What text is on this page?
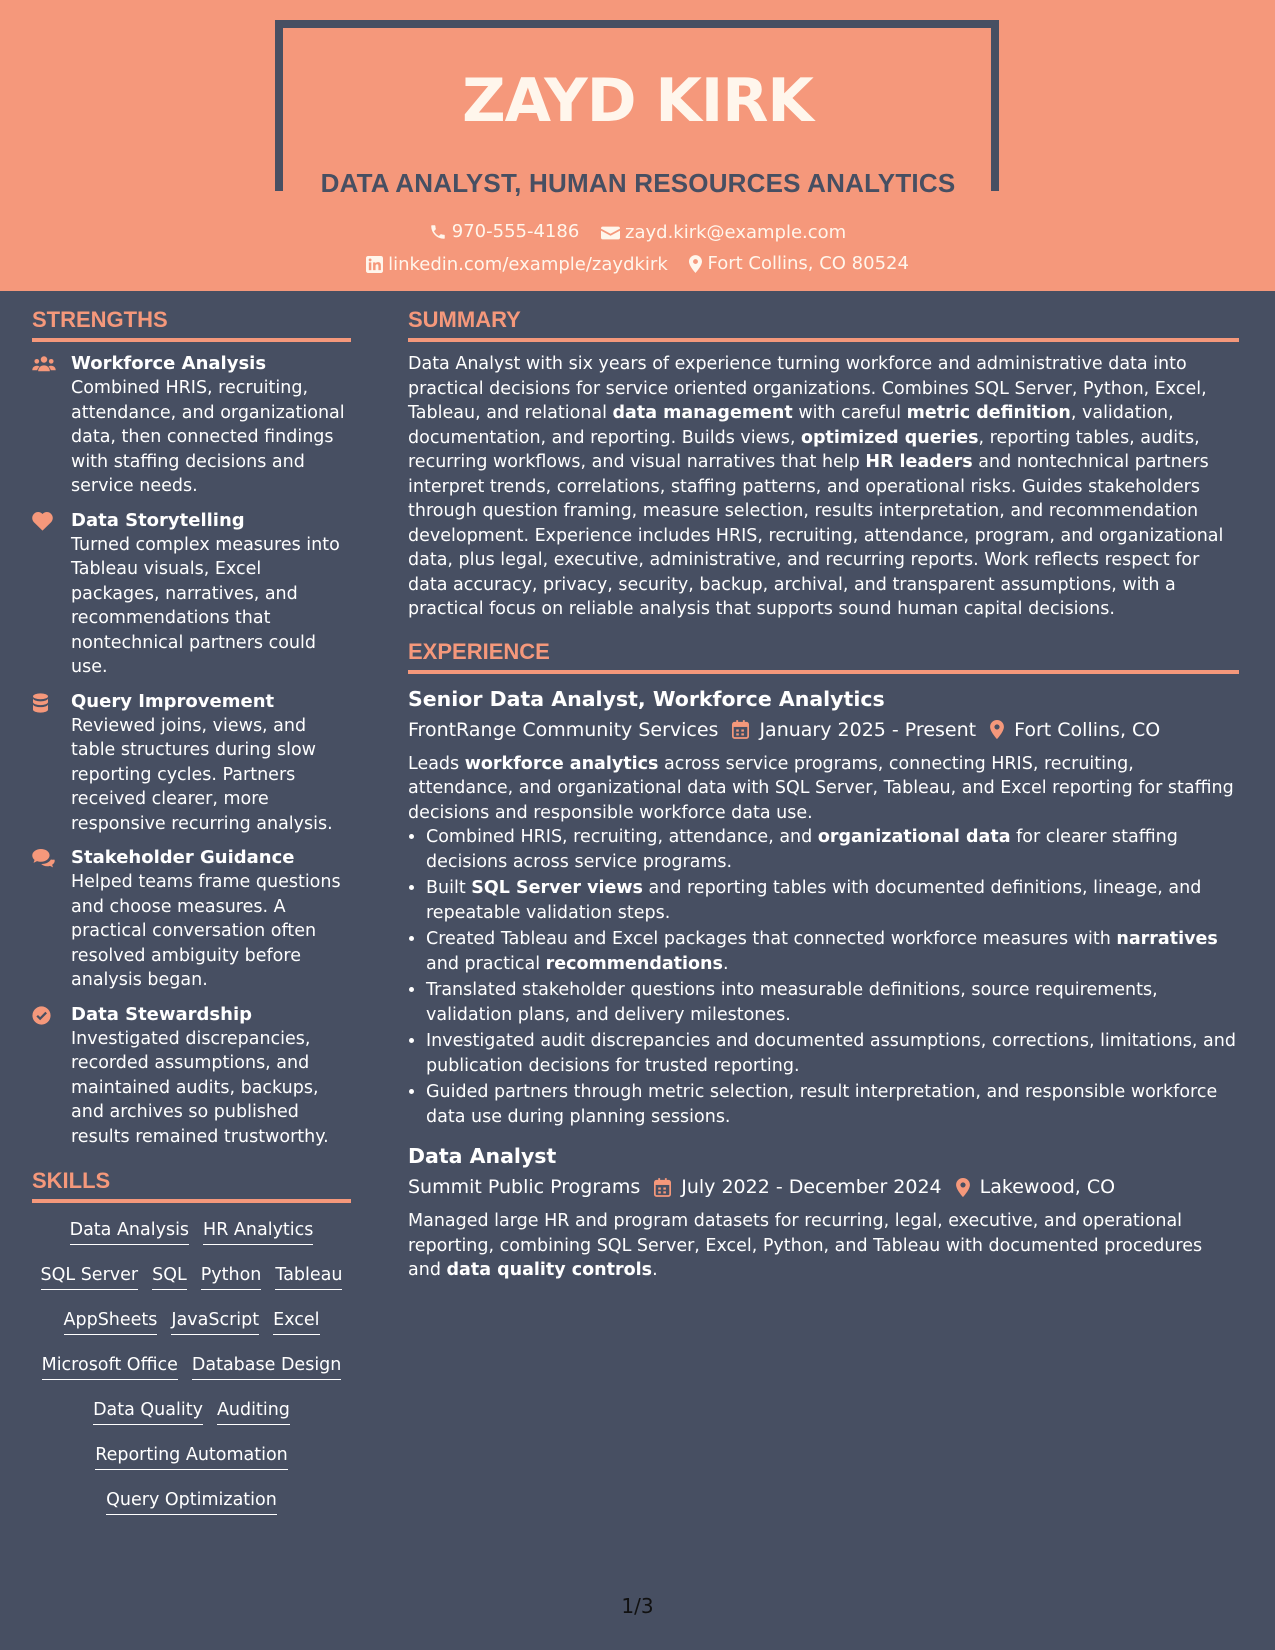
ZAYD KIRK
DATA ANALYST, HUMAN RESOURCES ANALYTICS
970-555-4186
	zayd.kirk@example.com
linkedin.com/example/zaydkirk
Fort Collins, CO 80524
STRENGTHS
Workforce Analysis
Combined HRIS, recruiting, attendance, and organizational data, then connected findings with staffing decisions and service needs.
Data Storytelling
Turned complex measures into Tableau visuals, Excel packages, narratives, and recommendations that nontechnical partners could use.
Query Improvement
Reviewed joins, views, and table structures during slow reporting cycles. Partners received clearer, more responsive recurring analysis.
Stakeholder Guidance
Helped teams frame questions and choose measures. A practical conversation often resolved ambiguity before analysis began.
Data Stewardship
Investigated discrepancies, recorded assumptions, and maintained audits, backups, and archives so published results remained trustworthy.
SKILLS
Data Analysis HR Analytics
SQL Server SQL Python Tableau
AppSheets JavaScript Excel
Microsoft Office Database Design
Data Quality Auditing
Reporting Automation
Query Optimization
SUMMARY
Data Analyst with six years of experience turning workforce and administrative data into practical decisions for service oriented organizations. Combines SQL Server, Python, Excel, Tableau, and relational data management with careful metric definition, validation, documentation, and reporting. Builds views, optimized queries, reporting tables, audits, recurring workflows, and visual narratives that help HR leaders and nontechnical partners interpret trends, correlations, staffing patterns, and operational risks. Guides stakeholders through question framing, measure selection, results interpretation, and recommendation development. Experience includes HRIS, recruiting, attendance, program, and organizational data, plus legal, executive, administrative, and recurring reports. Work reflects respect for data accuracy, privacy, security, backup, archival, and transparent assumptions, with a practical focus on reliable analysis that supports sound human capital decisions.
EXPERIENCE
Senior Data Analyst, Workforce Analytics
FrontRange Community Services January 2025 - Present Fort Collins, CO
Leads workforce analytics across service programs, connecting HRIS, recruiting, attendance, and organizational data with SQL Server, Tableau, and Excel reporting for staffing decisions and responsible workforce data use.
• Combined HRIS, recruiting, attendance, and organizational data for clearer staffing decisions across service programs.
• Built SQL Server views and reporting tables with documented definitions, lineage, and repeatable validation steps.
• Created Tableau and Excel packages that connected workforce measures with narratives and practical recommendations.
• Translated stakeholder questions into measurable definitions, source requirements, validation plans, and delivery milestones.
• Investigated audit discrepancies and documented assumptions, corrections, limitations, and publication decisions for trusted reporting.
• Guided partners through metric selection, result interpretation, and responsible workforce data use during planning sessions.
Data Analyst
Summit Public Programs July 2022 - December 2024 Lakewood, CO
Managed large HR and program datasets for recurring, legal, executive, and operational reporting, combining SQL Server, Excel, Python, and Tableau with documented procedures and data quality controls.
1/3
